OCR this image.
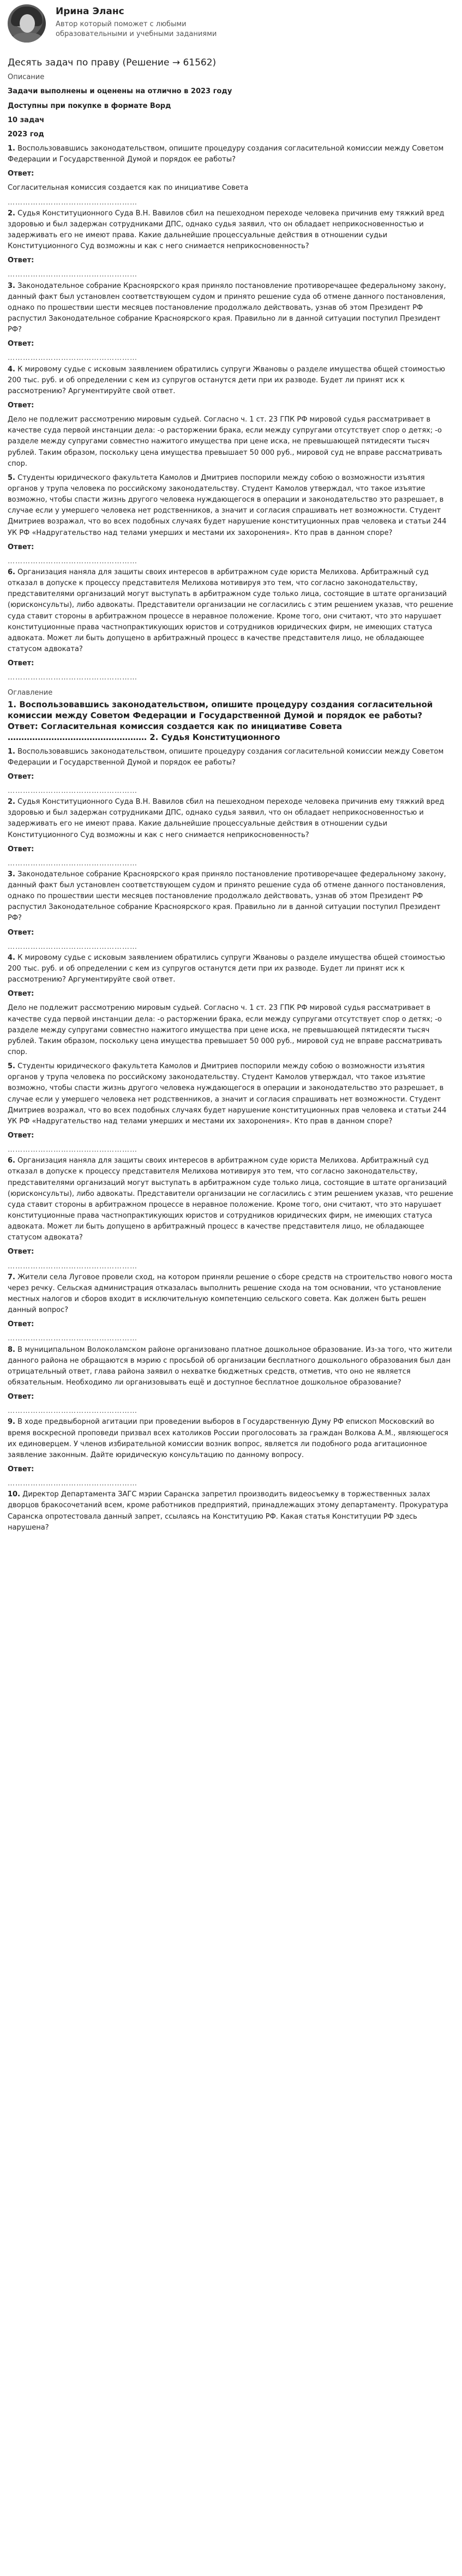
Ирина Эланс
Автор который поможет с любыми образовательными и учебными заданиями
Десять задач по праву (Решение → 61562)
Описание
Задачи выполнены и оценены на отлично в 2023 году
Доступны при покупке в формате Ворд
10 задач
2023 год

1. Воспользовавшись законодательством, опишите процедуру создания согласительной комиссии между Советом Федерации и Государственной Думой и порядок ее работы?

Ответ:

Согласительная комиссия создается как по инициативе Совета

……………………………………………

2. Судья Конституционного Суда В.Н. Вавилов сбил на пешеходном переходе человека причинив ему тяжкий вред здоровью и был задержан сотрудниками ДПС, однако судья заявил, что он обладает неприкосновенностью и задерживать его не имеют права. Какие дальнейшие процессуальные действия в отношении судьи Конституционного Суд возможны и как с него снимается неприкосновенность?

Ответ:
……………………………………………

3. Законодательное собрание Красноярского края приняло постановление противоречащее федеральному закону, данный факт был установлен соответствующем судом и принято решение суда об отмене данного постановления, однако по прошествии шести месяцев постановление продолжало действовать, узнав об этом Президент РФ распустил Законодательное собрание Красноярского края. Правильно ли в данной ситуации поступил Президент РФ?

Ответ:
……………………………………………

4. К мировому судье с исковым заявлением обратились супруги Жвановы о разделе имущества общей стоимостью 200 тыс. руб. и об определении с кем из супругов останутся дети при их разводе. Будет ли принят иск к рассмотрению? Аргументируйте свой ответ.

Ответ:

Дело не подлежит рассмотрению мировым судьей. Согласно ч. 1 ст. 23 ГПК РФ мировой судья рассматривает в качестве суда первой инстанции дела: -о расторжении брака, если между супругами отсутствует спор о детях; -о разделе между супругами совместно нажитого имущества при цене иска, не превышающей пятидесяти тысяч рублей. Таким образом, поскольку цена имущества превышает 50 000 руб., мировой суд не вправе рассматривать спор.

5. Студенты юридического факультета Камолов и Дмитриев поспорили между собою о возможности изъятия органов у трупа человека по российскому законодательству. Студент Камолов утверждал, что такое изъятие возможно, чтобы спасти жизнь другого человека нуждающегося в операции и законодательство это разрешает, в случае если у умершего человека нет родственников, а значит и согласия спрашивать нет возможности. Студент Дмитриев возражал, что во всех подобных случаях будет нарушение конституционных прав человека и статьи 244 УК РФ «Надругательство над телами умерших и местами их захоронения». Кто прав в данном споре?

Ответ:
……………………………………………

6. Организация наняла для защиты своих интересов в арбитражном суде юриста Мелихова. Арбитражный суд отказал в допуске к процессу представителя Мелихова мотивируя это тем, что согласно законодательству, представителями организаций могут выступать в арбитражном суде только лица, состоящие в штате организаций (юрисконсульты), либо адвокаты. Представители организации не согласились с этим решением указав, что решение суда ставит стороны в арбитражном процессе в неравное положение. Кроме того, они считают, что это нарушает конституционные права частнопрактикующих юристов и сотрудников юридических фирм, не имеющих статуса адвоката. Может ли быть допущено в арбитражный процесс в качестве представителя лицо, не обладающее статусом адвоката?

Ответ:
……………………………………………
Оглавление
1. Воспользовавшись законодательством, опишите процедуру создания согласительной комиссии между Советом Федерации и Государственной Думой и порядок ее работы? Ответ: Согласительная комиссия создается как по инициативе Совета …………………………………………… 2. Судья Конституционного

1. Воспользовавшись законодательством, опишите процедуру создания согласительной комиссии между Советом Федерации и Государственной Думой и порядок ее работы?

Ответ:
……………………………………………

2. Судья Конституционного Суда В.Н. Вавилов сбил на пешеходном переходе человека причинив ему тяжкий вред здоровью и был задержан сотрудниками ДПС, однако судья заявил, что он обладает неприкосновенностью и задерживать его не имеют права. Какие дальнейшие процессуальные действия в отношении судьи Конституционного Суд возможны и как с него снимается неприкосновенность?

Ответ:
……………………………………………

3. Законодательное собрание Красноярского края приняло постановление противоречащее федеральному закону, данный факт был установлен соответствующем судом и принято решение суда об отмене данного постановления, однако по прошествии шести месяцев постановление продолжало действовать, узнав об этом Президент РФ распустил Законодательное собрание Красноярского края. Правильно ли в данной ситуации поступил Президент РФ?

Ответ:
……………………………………………

4. К мировому судье с исковым заявлением обратились супруги Жвановы о разделе имущества общей стоимостью 200 тыс. руб. и об определении с кем из супругов останутся дети при их разводе. Будет ли принят иск к рассмотрению? Аргументируйте свой ответ.

Ответ:

Дело не подлежит рассмотрению мировым судьей. Согласно ч. 1 ст. 23 ГПК РФ мировой судья рассматривает в качестве суда первой инстанции дела: -о расторжении брака, если между супругами отсутствует спор о детях; -о разделе между супругами совместно нажитого имущества при цене иска, не превышающей пятидесяти тысяч рублей. Таким образом, поскольку цена имущества превышает 50 000 руб., мировой суд не вправе рассматривать спор.

5. Студенты юридического факультета Камолов и Дмитриев поспорили между собою о возможности изъятия органов у трупа человека по российскому законодательству. Студент Камолов утверждал, что такое изъятие возможно, чтобы спасти жизнь другого человека нуждающегося в операции и законодательство это разрешает, в случае если у умершего человека нет родственников, а значит и согласия спрашивать нет возможности. Студент Дмитриев возражал, что во всех подобных случаях будет нарушение конституционных прав человека и статьи 244 УК РФ «Надругательство над телами умерших и местами их захоронения». Кто прав в данном споре?

Ответ:
……………………………………………

6. Организация наняла для защиты своих интересов в арбитражном суде юриста Мелихова. Арбитражный суд отказал в допуске к процессу представителя Мелихова мотивируя это тем, что согласно законодательству, представителями организаций могут выступать в арбитражном суде только лица, состоящие в штате организаций (юрисконсульты), либо адвокаты. Представители организации не согласились с этим решением указав, что решение суда ставит стороны в арбитражном процессе в неравное положение. Кроме того, они считают, что это нарушает конституционные права частнопрактикующих юристов и сотрудников юридических фирм, не имеющих статуса адвоката. Может ли быть допущено в арбитражный процесс в качестве представителя лицо, не обладающее статусом адвоката?

Ответ:
……………………………………………

7. Жители села Луговое провели сход, на котором приняли решение о сборе средств на строительство нового моста через речку. Сельская администрация отказалась выполнить решение схода на том основании, что установление местных налогов и сборов входит в исключительную компетенцию сельского совета. Как должен быть решен данный вопрос?

Ответ:
……………………………………………

8. В муниципальном Волоколамском районе организовано платное дошкольное образование. Из-за того, что жители данного района не обращаются в мэрию с просьбой об организации бесплатного дошкольного образования был дан отрицательный ответ, глава района заявил о нехватке бюджетных средств, отметив, что оно не является обязательным. Необходимо ли организовывать ещё и доступное бесплатное дошкольное образование?

Ответ:
……………………………………………

9. В ходе предвыборной агитации при проведении выборов в Государственную Думу РФ епископ Московский во время воскресной проповеди призвал всех католиков России проголосовать за граждан Волкова А.М., являющегося их единоверцем. У членов избирательной комиссии возник вопрос, является ли подобного рода агитационное заявление законным. Дайте юридическую консультацию по данному вопросу.

Ответ:
……………………………………………

10. Директор Департамента ЗАГС мэрии Саранска запретил производить видеосъемку в торжественных залах дворцов бракосочетаний всем, кроме работников предприятий, принадлежащих этому департаменту. Прокуратура Саранска опротестовала данный запрет, ссылаясь на Конституцию РФ. Какая статья Конституции РФ здесь нарушена?
